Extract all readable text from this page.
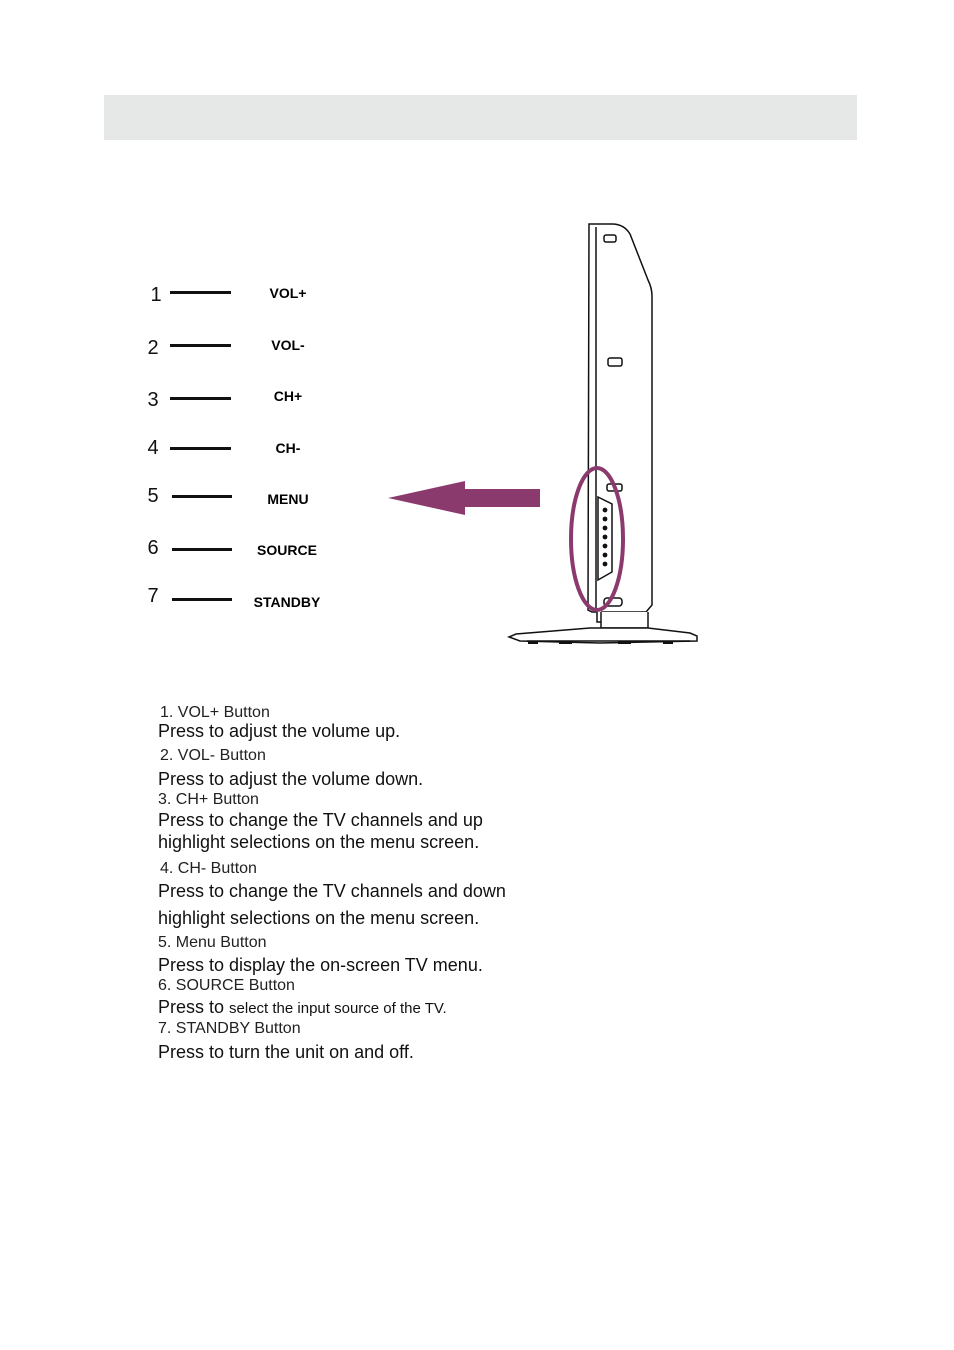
1	VOL+
2	VOL-
3	CH+
4	CH-
5	MENU
6	SOURCE
7	STANDBY
1. VOL+ Button
Press to adjust the volume up.
2. VOL- Button
Press to adjust the volume down.
3. CH+ Button
Press to change the TV channels and up
highlight selections on the menu screen.
4. CH- Button
Press to change the TV channels and down
highlight selections on the menu screen.
5. Menu Button
Press to display the on-screen TV menu.
6. SOURCE Button
Press to select the input source of the TV.
7. STANDBY Button
Press to turn the unit on and off.
